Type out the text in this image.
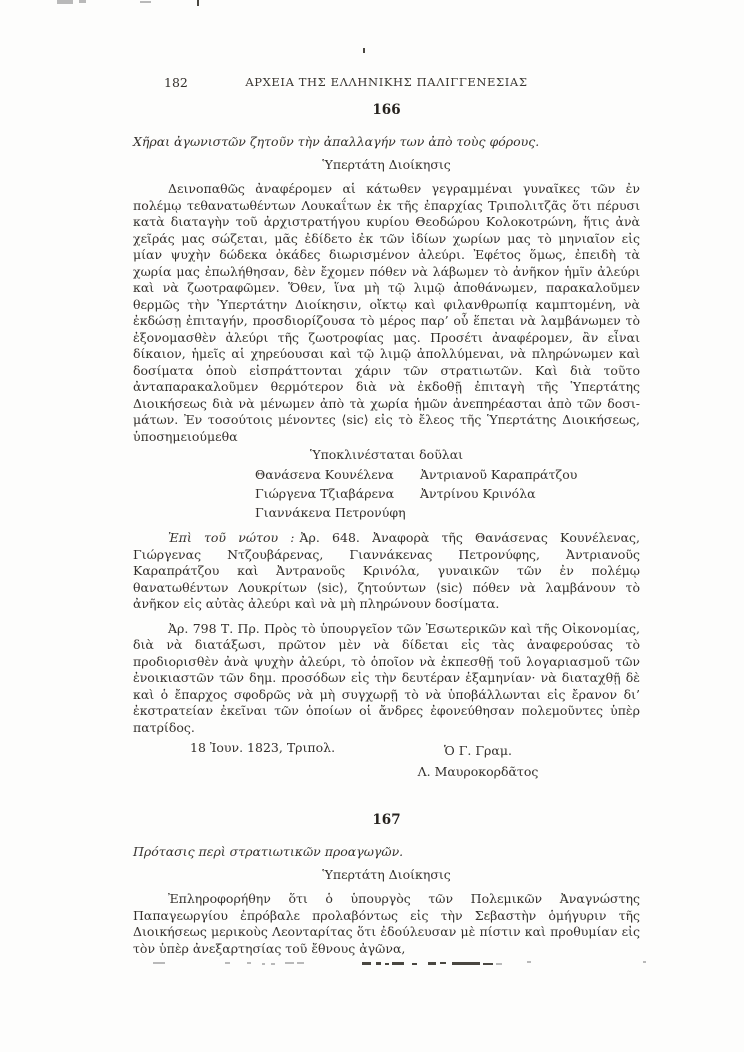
182	ΑΡΧΕΙΑ ΤΗΣ ΕΛΛΗΝΙΚΗΣ ΠΑΛΙΓΓΕΝΕΣΙΑΣ
166
Χῆραι ἀγωνιστῶν ζητοῦν τὴν ἀπαλλαγήν των ἀπὸ τοὺς φόρους.
Ὑπερτάτη Διοίκησις

Δεινοπαθῶς ἀναφέρομεν αἱ κάτωθεν γεγραμμέναι γυναῖκες τῶν ἐν πολέμῳ τεθανατωθέντων Λουκαΐτων ἐκ τῆς ἐπαρχίας Τριπολιτζᾶς ὅτι πέρυσι κατὰ διαταγὴν τοῦ ἀρχιστρατήγου κυρίου Θεοδώρου Κολοκοτρώνη, ἥτις ἀνὰ χεῖράς μας σώζεται, μᾶς ἐδίδετο ἐκ τῶν ἰδίων χωρίων μας τὸ μηνιαῖον εἰς μίαν ψυχὴν δώδεκα ὀκάδες διωρισμένον ἀλεύρι. Ἐφέτος ὅμως, ἐπειδὴ τὰ χωρία μας ἐπωλήθησαν, δὲν ἔχομεν πόθεν νὰ λάβωμεν τὸ ἀνῆκον ἡμῖν ἀλεύρι καὶ νὰ ζωοτραφῶμεν. Ὅθεν, ἵνα μὴ τῷ λιμῷ ἀποθάνωμεν, παρακαλοῦμεν θερμῶς τὴν Ὑπερτάτην Διοίκησιν, οἴκτῳ καὶ φιλανθρωπίᾳ καμπτομένη, νὰ ἐκδώσῃ ἐπιταγήν, προσδιορίζουσα τὸ μέρος παρ’ οὗ ἕπεται νὰ λαμβάνωμεν τὸ ἐξονομασθὲν ἀλεύρι τῆς ζωοτροφίας μας. Προσέτι ἀναφέρομεν, ἂν εἶναι δίκαιον, ἡμεῖς αἱ χηρεύουσαι καὶ τῷ λιμῷ ἀπολλύμεναι, νὰ πληρώνωμεν καὶ δοσίματα ὁποὺ εἰσπράττονται χάριν τῶν στρατιωτῶν. Καὶ διὰ τοῦτο ἀνταπαρακαλοῦμεν θερμότερον διὰ νὰ ἐκδοθῇ ἐπιταγὴ τῆς Ὑπερτάτης Διοικήσεως διὰ νὰ μένωμεν ἀπὸ τὰ χωρία ἡμῶν ἀνεπηρέασται ἀπὸ τῶν δοσιμάτων. Ἐν τοσούτοις μένοντες ⟨sic⟩ εἰς τὸ ἔλεος τῆς Ὑπερτάτης Διοικήσεως, ὑποσημειούμεθα

Ὑποκλινέσταται δοῦλαι
Θανάσενα Κουνέλενα	Ἀντριανοῦ Καραπράτζου
Γιώργενα Τζιαβάρενα	Ἀντρίνου Κρινόλα
Γιαννάκενα Πετρονύφη

Ἐπὶ τοῦ νώτου : Ἀρ. 648. Ἀναφορὰ τῆς Θανάσενας Κουνέλενας, Γιώργενας Ντζουβάρενας, Γιαννάκενας Πετρονύφης, Ἀντριανοῦς Καραπράτζου καὶ Ἀντρανοῦς Κρινόλα, γυναικῶν τῶν ἐν πολέμῳ θανατωθέντων Λουκρίτων ⟨sic⟩, ζητούντων ⟨sic⟩ πόθεν νὰ λαμβάνουν τὸ ἀνῆκον εἰς αὐτὰς ἀλεύρι καὶ νὰ μὴ πληρώνουν δοσίματα.

Ἀρ. 798 Τ. Πρ. Πρὸς τὸ ὑπουργεῖον τῶν Ἐσωτερικῶν καὶ τῆς Οἰκονομίας, διὰ νὰ διατάξωσι, πρῶτον μὲν νὰ δίδεται εἰς τὰς ἀναφερούσας τὸ προδιορισθὲν ἀνὰ ψυχὴν ἀλεύρι, τὸ ὁποῖον νὰ ἐκπεσθῇ τοῦ λογαριασμοῦ τῶν ἐνοικιαστῶν τῶν δημ. προσόδων εἰς τὴν δευτέραν ἑξαμηνίαν· νὰ διαταχθῇ δὲ καὶ ὁ ἔπαρχος σφοδρῶς νὰ μὴ συγχωρῇ τὸ νὰ ὑποβάλλωνται εἰς ἔρανον δι’ ἐκστρατείαν ἐκεῖναι τῶν ὁποίων οἱ ἄνδρες ἐφονεύθησαν πολεμοῦντες ὑπὲρ πατρίδος.

18 Ἰουν. 1823, Τριπολ.	Ὁ Γ. Γραμ.
Λ. Μαυροκορδᾶτος
167
Πρότασις περὶ στρατιωτικῶν προαγωγῶν.
Ὑπερτάτη Διοίκησις

Ἐπληροφορήθην ὅτι ὁ ὑπουργὸς τῶν Πολεμικῶν Ἀναγνώστης Παπαγεωργίου ἐπρόβαλε προλαβόντως εἰς τὴν Σεβαστὴν ὁμήγυριν τῆς Διοικήσεως μερικοὺς Λεονταρίτας ὅτι ἐδούλευσαν μὲ πίστιν καὶ προθυμίαν εἰς τὸν ὑπὲρ ἀνεξαρτησίας τοῦ ἔθνους ἀγῶνα,
